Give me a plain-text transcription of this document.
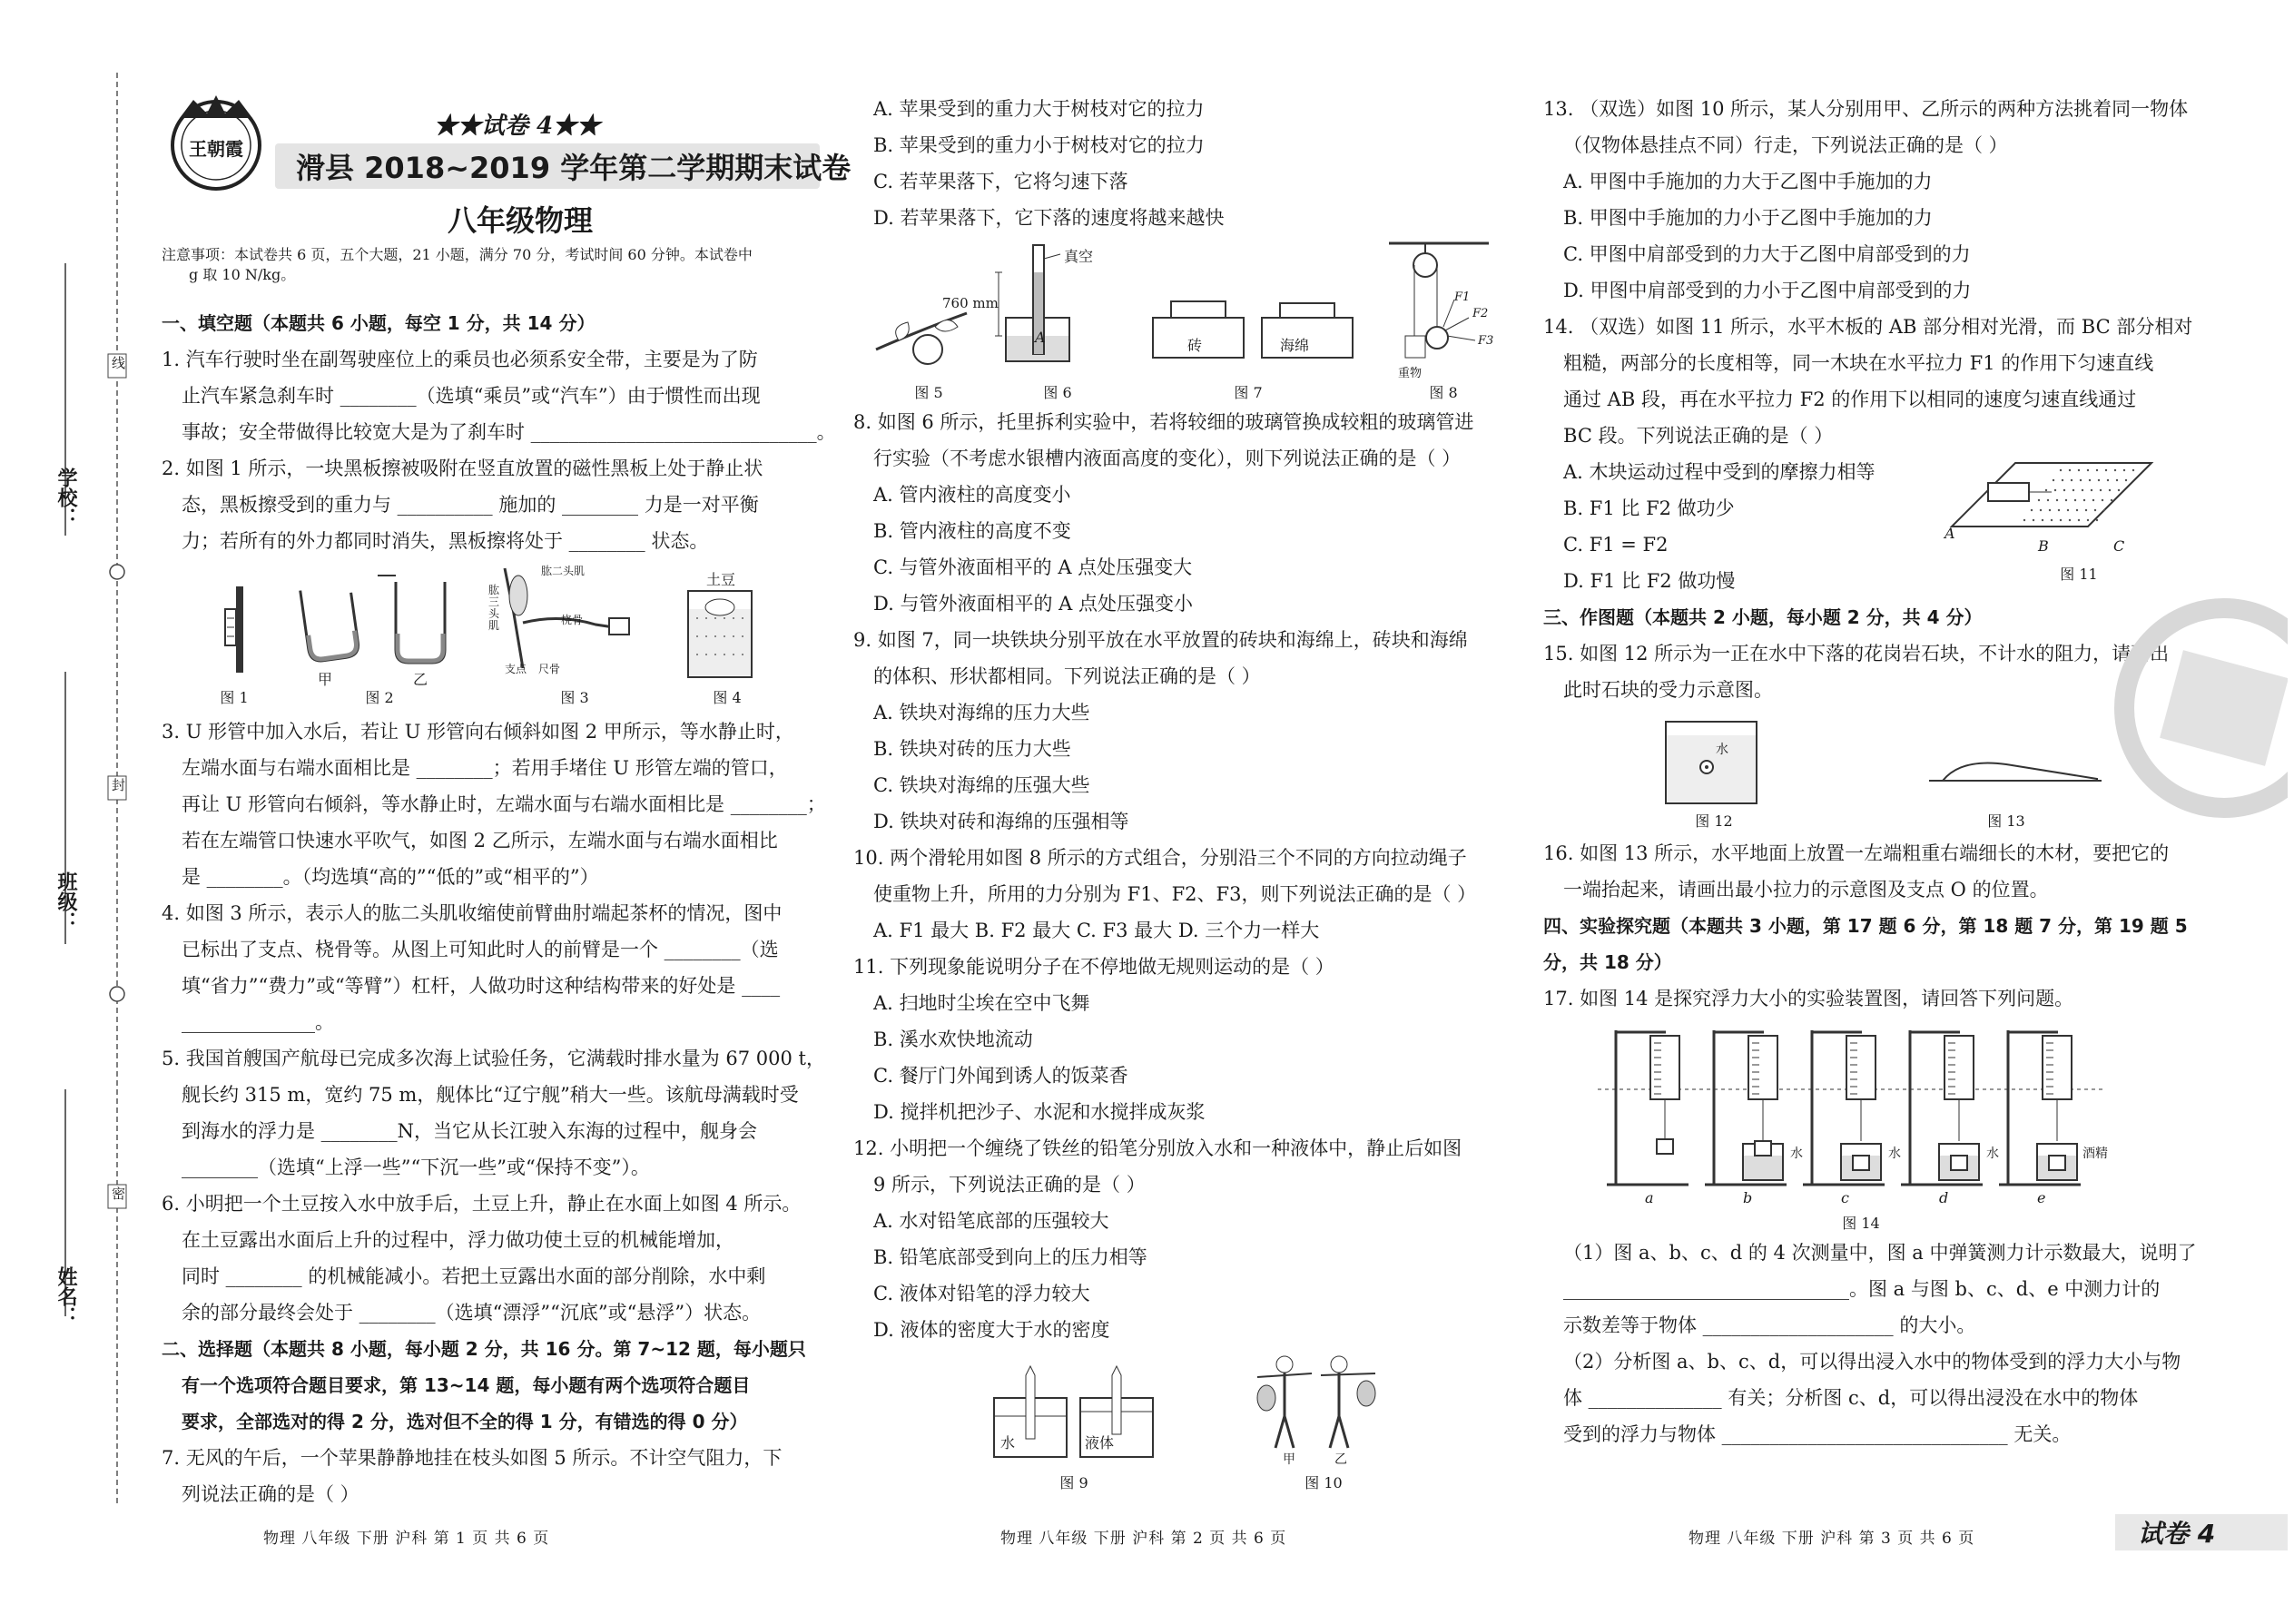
学校：
班级：
姓名：
线
封
密
王朝霞
★★试卷 4★★
滑县 2018~2019 学年第二学期期末试卷
八年级物理
注意事项：本试卷共 6 页，五个大题，21 小题，满分 70 分，考试时间 60 分钟。本试卷中
g 取 10 N/kg。
一、填空题（本题共 6 小题，每空 1 分，共 14 分）
1. 汽车行驶时坐在副驾驶座位上的乘员也必须系安全带，主要是为了防
止汽车紧急刹车时 ________（选填“乘员”或“汽车”）由于惯性而出现
事故；安全带做得比较宽大是为了刹车时 ______________________________。
2. 如图 1 所示，一块黑板擦被吸附在竖直放置的磁性黑板上处于静止状
态，黑板擦受到的重力与 __________ 施加的 ________ 力是一对平衡
力；若所有的外力都同时消失，黑板擦将处于 ________ 状态。
甲	乙
肱二头肌
肱三头肌	桡骨
尺骨
支点
土豆
图 1	图 2	图 3	图 4
3. U 形管中加入水后，若让 U 形管向右倾斜如图 2 甲所示，等水静止时，
左端水面与右端水面相比是 ________；若用手堵住 U 形管左端的管口，
再让 U 形管向右倾斜，等水静止时，左端水面与右端水面相比是 ________；
若在左端管口快速水平吹气，如图 2 乙所示，左端水面与右端水面相比
是 ________。（均选填“高的”“低的”或“相平的”）
4. 如图 3 所示，表示人的肱二头肌收缩使前臂曲肘端起茶杯的情况，图中
已标出了支点、桡骨等。从图上可知此时人的前臂是一个 ________（选
填“省力”“费力”或“等臂”）杠杆，人做功时这种结构带来的好处是 ____
______________。
5. 我国首艘国产航母已完成多次海上试验任务，它满载时排水量为 67 000 t，
舰长约 315 m，宽约 75 m，舰体比“辽宁舰”稍大一些。该航母满载时受
到海水的浮力是 ________N，当它从长江驶入东海的过程中，舰身会
________（选填“上浮一些”“下沉一些”或“保持不变”）。
6. 小明把一个土豆按入水中放手后，土豆上升，静止在水面上如图 4 所示。
在土豆露出水面后上升的过程中，浮力做功使土豆的机械能增加，
同时 ________ 的机械能减小。若把土豆露出水面的部分削除，水中剩
余的部分最终会处于 ________（选填“漂浮”“沉底”或“悬浮”）状态。
二、选择题（本题共 8 小题，每小题 2 分，共 16 分。第 7~12 题，每小题只
有一个选项符合题目要求，第 13~14 题，每小题有两个选项符合题目
要求，全部选对的得 2 分，选对但不全的得 1 分，有错选的得 0 分）
7. 无风的午后，一个苹果静静地挂在枝头如图 5 所示。不计空气阻力，下
列说法正确的是（ ）
物理 八年级 下册 沪科 第 1 页 共 6 页
A. 苹果受到的重力大于树枝对它的拉力
B. 苹果受到的重力小于树枝对它的拉力
C. 若苹果落下，它将匀速下落
D. 若苹果落下，它下落的速度将越来越快
真空
760 mm
A	砖	海绵
重物
F1
F2
F3
图 5	图 6	图 7	图 8
8. 如图 6 所示，托里拆利实验中，若将较细的玻璃管换成较粗的玻璃管进
行实验（不考虑水银槽内液面高度的变化），则下列说法正确的是（ ）
A. 管内液柱的高度变小
B. 管内液柱的高度不变
C. 与管外液面相平的 A 点处压强变大
D. 与管外液面相平的 A 点处压强变小
9. 如图 7，同一块铁块分别平放在水平放置的砖块和海绵上，砖块和海绵
的体积、形状都相同。下列说法正确的是（ ）
A. 铁块对海绵的压力大些
B. 铁块对砖的压力大些
C. 铁块对海绵的压强大些
D. 铁块对砖和海绵的压强相等
10. 两个滑轮用如图 8 所示的方式组合，分别沿三个不同的方向拉动绳子
使重物上升，所用的力分别为 F1、F2、F3，则下列说法正确的是（ ）
A. F1 最大 B. F2 最大 C. F3 最大 D. 三个力一样大
11. 下列现象能说明分子在不停地做无规则运动的是（ ）
A. 扫地时尘埃在空中飞舞
B. 溪水欢快地流动
C. 餐厅门外闻到诱人的饭菜香
D. 搅拌机把沙子、水泥和水搅拌成灰浆
12. 小明把一个缠绕了铁丝的铅笔分别放入水和一种液体中，静止后如图
9 所示，下列说法正确的是（ ）
A. 水对铅笔底部的压强较大
B. 铅笔底部受到向上的压力相等
C. 液体对铅笔的浮力较大
D. 液体的密度大于水的密度
水	液体
甲	乙
图 9	图 10
物理 八年级 下册 沪科 第 2 页 共 6 页
13. （双选）如图 10 所示，某人分别用甲、乙所示的两种方法挑着同一物体
（仅物体悬挂点不同）行走，下列说法正确的是（ ）
A. 甲图中手施加的力大于乙图中手施加的力
B. 甲图中手施加的力小于乙图中手施加的力
C. 甲图中肩部受到的力大于乙图中肩部受到的力
D. 甲图中肩部受到的力小于乙图中肩部受到的力
14. （双选）如图 11 所示，水平木板的 AB 部分相对光滑，而 BC 部分相对
粗糙，两部分的长度相等，同一木块在水平拉力 F1 的作用下匀速直线
通过 AB 段，再在水平拉力 F2 的作用下以相同的速度匀速直线通过
BC 段。下列说法正确的是（ ）
A. 木块运动过程中受到的摩擦力相等
B. F1 比 F2 做功少
C. F1 = F2
D. F1 比 F2 做功慢
A
B	C
图 11
三、作图题（本题共 2 小题，每小题 2 分，共 4 分）
15. 如图 12 所示为一正在水中下落的花岗岩石块，不计水的阻力，请画出
此时石块的受力示意图。
水
图 12	图 13
16. 如图 13 所示，水平地面上放置一左端粗重右端细长的木材，要把它的
一端抬起来，请画出最小拉力的示意图及支点 O 的位置。
四、实验探究题（本题共 3 小题，第 17 题 6 分，第 18 题 7 分，第 19 题 5
分，共 18 分）
17. 如图 14 是探究浮力大小的实验装置图，请回答下列问题。
a	b	c	d	e
水	水	水	酒精
图 14
（1）图 a、b、c、d 的 4 次测量中，图 a 中弹簧测力计示数最大，说明了
______________________________。图 a 与图 b、c、d、e 中测力计的
示数差等于物体 ____________________ 的大小。
（2）分析图 a、b、c、d，可以得出浸入水中的物体受到的浮力大小与物
体 ______________ 有关；分析图 c、d，可以得出浸没在水中的物体
受到的浮力与物体 ______________________________ 无关。
物理 八年级 下册 沪科 第 3 页 共 6 页	试卷 4
